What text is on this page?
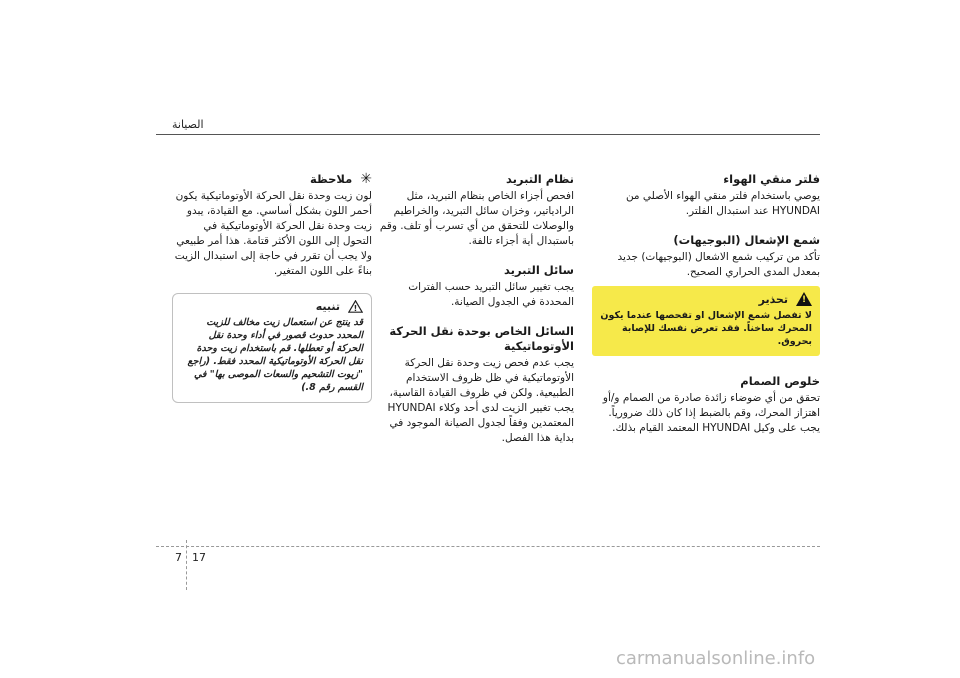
الصيانة
فلتر منقي الهواء
يوصي باستخدام فلتر منقي الهواء الأصلي من HYUNDAI عند استبدال الفلتر.
شمع الإشعال (البوجيهات)
تأكد من تركيب شمع الاشعال (البوجيهات) جديد بمعدل المدى الحراري الصحيح.
!
تحذير
لا تفصل شمع الإشعال او تفحصها عندما يكون المحرك ساخناً. فقد تعرض نفسك للإصابة بحروق.
خلوص الصمام
تحقق من أي ضوضاء زائدة صادرة من الصمام و/أو اهتزاز المحرك، وقم بالضبط إذا كان ذلك ضرورياً. يجب على وكيل HYUNDAI المعتمد القيام بذلك.
نظام التبريد
افحص أجزاء الخاص بنظام التبريد، مثل الرادياتير، وخزان سائل التبريد، والخراطيم والوصلات للتحقق من أي تسرب أو تلف. وقم باستبدال أية أجزاء تالفة.
سائل التبريد
يجب تغيير سائل التبريد حسب الفترات المحددة في الجدول الصيانة.
السائل الخاص بوحدة نقل الحركة الأوتوماتيكية
يجب عدم فحص زيت وحدة نقل الحركة الأوتوماتيكية في ظل ظروف الاستخدام الطبيعية. ولكن في ظروف القيادة القاسية، يجب تغيير الزيت لدى أحد وكلاء HYUNDAI المعتمدين وفقاً لجدول الصيانة الموجود في بداية هذا الفصل.
✳
ملاحظة
لون زيت وحدة نقل الحركة الأوتوماتيكية يكون أحمر اللون بشكل أساسي. مع القيادة، يبدو زيت وحدة نقل الحركة الأوتوماتيكية في التحول إلى اللون الأكثر قتامة. هذا أمر طبيعي ولا يجب أن تقرر في حاجة إلى استبدال الزيت بناءً على اللون المتغير.
!
تنبيه
قد ينتج عن استعمال زيت مخالف للزيت المحدد حدوث قصور في أداء وحدة نقل الحركة أو تعطلها. قم باستخدام زيت وحدة نقل الحركة الأوتوماتيكية المحدد فقط. (راجع "زيوت التشحيم والسعات الموصى بها" في القسم رقم 8.)
7 17
carmanualsonline.info
